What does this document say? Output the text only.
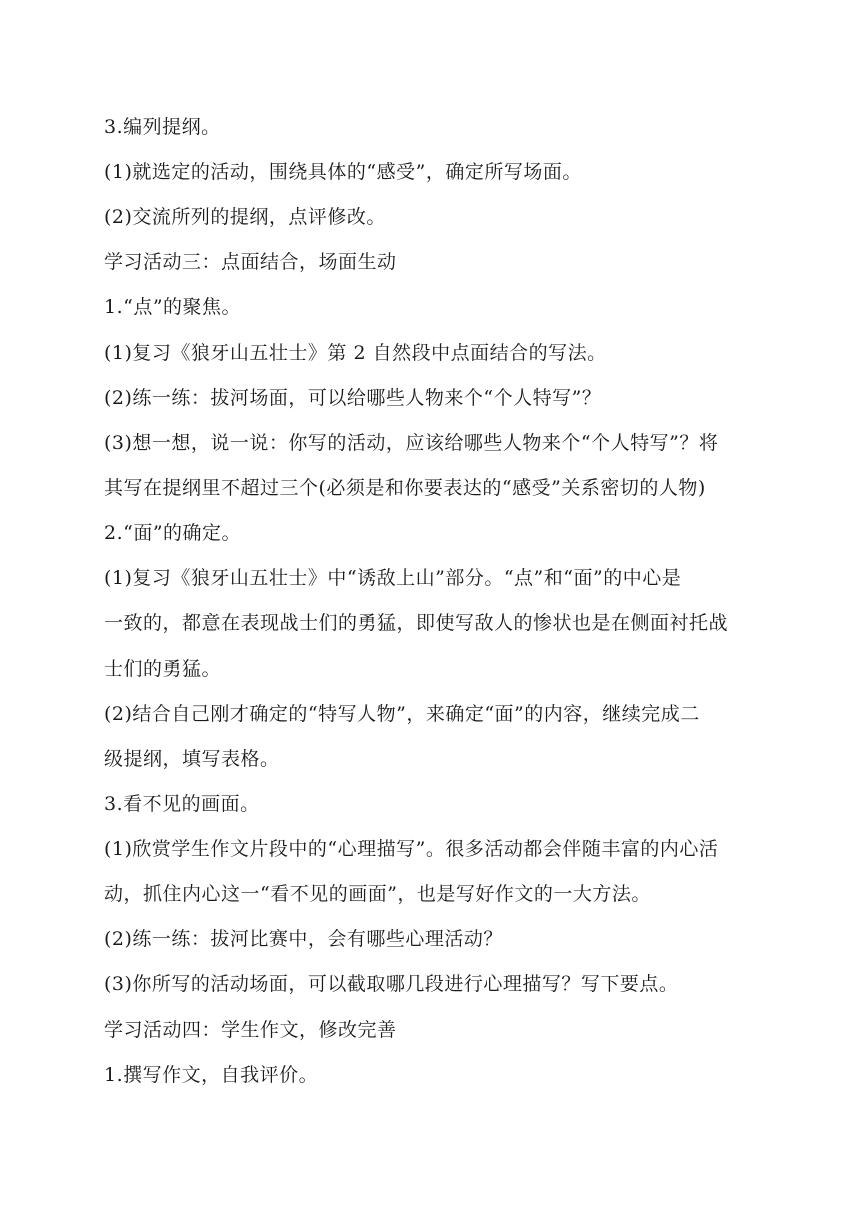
3.编列提纲。
(1)就选定的活动，围绕具体的“感受”，确定所写场面。
(2)交流所列的提纲，点评修改。
学习活动三：点面结合，场面生动
1.“点”的聚焦。
(1)复习《狼牙山五壮士》第 2 自然段中点面结合的写法。
(2)练一练：拔河场面，可以给哪些人物来个“个人特写”？
(3)想一想，说一说：你写的活动，应该给哪些人物来个“个人特写”？将
其写在提纲里不超过三个(必须是和你要表达的“感受”关系密切的人物)
2.“面”的确定。
(1)复习《狼牙山五壮士》中“诱敌上山”部分。“点”和“面”的中心是
一致的，都意在表现战士们的勇猛，即使写敌人的惨状也是在侧面衬托战
士们的勇猛。
(2)结合自己刚才确定的“特写人物”，来确定“面”的内容，继续完成二
级提纲，填写表格。
3.看不见的画面。
(1)欣赏学生作文片段中的“心理描写”。很多活动都会伴随丰富的内心活
动，抓住内心这一“看不见的画面”，也是写好作文的一大方法。
(2)练一练：拔河比赛中，会有哪些心理活动？
(3)你所写的活动场面，可以截取哪几段进行心理描写？写下要点。
学习活动四：学生作文，修改完善
1.撰写作文，自我评价。
